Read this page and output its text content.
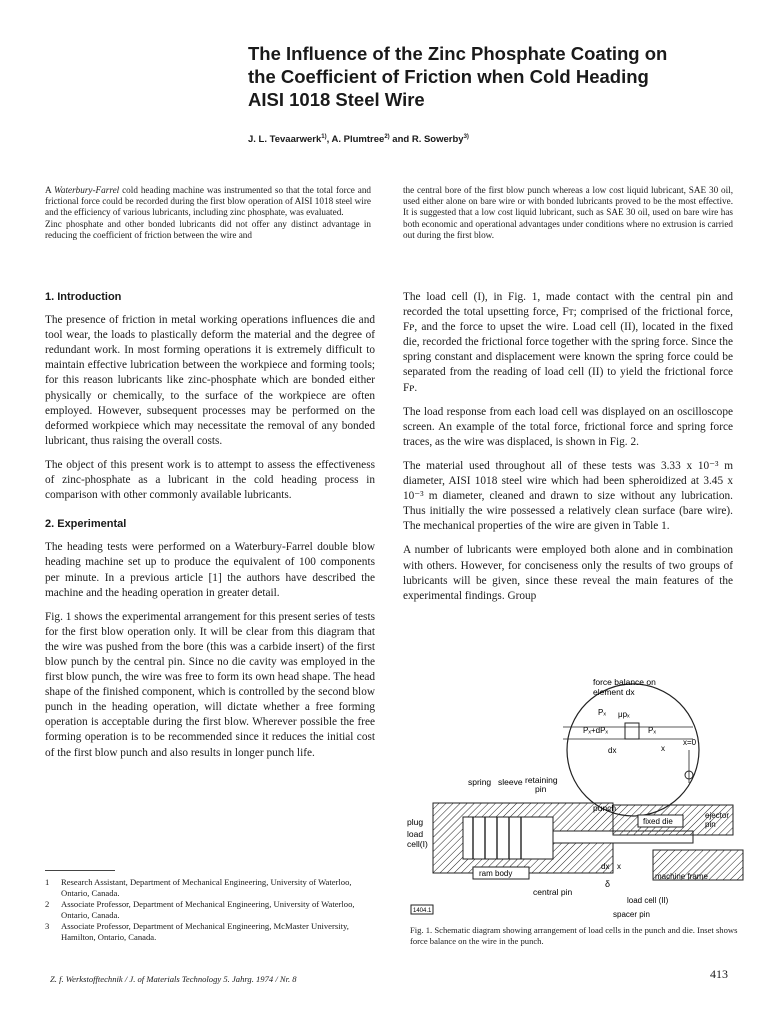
The Influence of the Zinc Phosphate Coating on
the Coefficient of Friction when Cold Heading
AISI 1018 Steel Wire
J. L. Tevaarwerk$^{1)}$, A. Plumtree$^{2)}$ and R. Sowerby$^{3)}$

A Waterbury-Farrel cold heading machine was instrumented so that the total force and frictional force could be recorded during the first blow operation of AISI 1018 steel wire and the efficiency of various lubricants, including zinc phosphate, was evaluated.

Zinc phosphate and other bonded lubricants did not offer any distinct advantage in reducing the coefficient of friction between the wire and

the central bore of the first blow punch whereas a low cost liquid lubricant, SAE 30 oil, used either alone on bare wire or with bonded lubricants proved to be the most effective. It is suggested that a low cost liquid lubricant, such as SAE 30 oil, used on bare wire has both economic and operational advantages under conditions where no extrusion is carried out during the first blow.

1. Introduction

The presence of friction in metal working operations influences die and tool wear, the loads to plastically deform the material and the degree of redundant work. In most forming operations it is extremely difficult to maintain effective lubrication between the workpiece and forming tools; for this reason lubricants like zinc-phosphate which are bonded either physically or chemically, to the surface of the workpiece are often employed. However, subsequent processes may be performed on the deformed workpiece which may necessitate the removal of any bonded lubricant, thus raising the overall costs.

The object of this present work is to attempt to assess the effectiveness of zinc-phosphate as a lubricant in the cold heading process in comparison with other commonly available lubricants.

2. Experimental

The heading tests were performed on a Waterbury-Farrel double blow heading machine set up to produce the equivalent of 100 components per minute. In a previous article [1] the authors have described the machine and the heading operation in greater detail.

Fig. 1 shows the experimental arrangement for this present series of tests for the first blow operation only. It will be clear from this diagram that the wire was pushed from the bore (this was a carbide insert) of the first blow punch by the central pin. Since no die cavity was employed in the first blow punch, the wire was free to form its own head shape. The head shape of the finished component, which is controlled by the second blow punch in the heading operation, will dictate whether a free forming operation is acceptable during the first blow. Wherever possible the free forming operation is to be recommended since it reduces the initial cost of the first blow punch and also results in longer punch life.

The load cell (I), in Fig. 1, made contact with the central pin and recorded the total upsetting force, Fᴛ; comprised of the frictional force, Fᴘ, and the force to upset the wire. Load cell (II), located in the fixed die, recorded the frictional force together with the spring force. Since the spring constant and displacement were known the spring force could be separated from the reading of load cell (II) to yield the frictional force Fᴘ.

The load response from each load cell was displayed on an oscilloscope screen. An example of the total force, frictional force and spring force traces, as the wire was displaced, is shown in Fig. 2.

The material used throughout all of these tests was 3.33 x 10⁻³ m diameter, AISI 1018 steel wire which had been spheroidized at 3.45 x 10⁻³ m diameter, cleaned and drawn to size without any lubrication. Thus initially the wire possessed a relatively clean surface (bare wire). The mechanical properties of the wire are given in Table 1.

A number of lubricants were employed both alone and in combination with others. However, for conciseness only the results of two groups of lubricants will be given, since these reveal the main features of the experimental findings. Group

1	Research Assistant, Department of Mechanical Engineering, University of Waterloo, Ontario, Canada.
2	Associate Professor, Department of Mechanical Engineering, University of Waterloo, Ontario, Canada.
3	Associate Professor, Department of Mechanical Engineering, McMaster University, Hamilton, Ontario, Canada.
force balance on
element dx
Pₓ μpₓ
Pₓ+dPₓ	Pₓ
dx	x
x=0
spring sleeve retaining
pin
fixed die
punch
ejector
pin
plug
load
cell(I)
ram body
central pin
dx x
δ
machine frame
load cell (II)
spacer pin
1404.1
Fig. 1. Schematic diagram showing arrangement of load cells in the punch and die. Inset shows force balance on the wire in the punch.
Z. f. Werkstofftechnik / J. of Materials Technology 5. Jahrg. 1974 / Nr. 8	413
